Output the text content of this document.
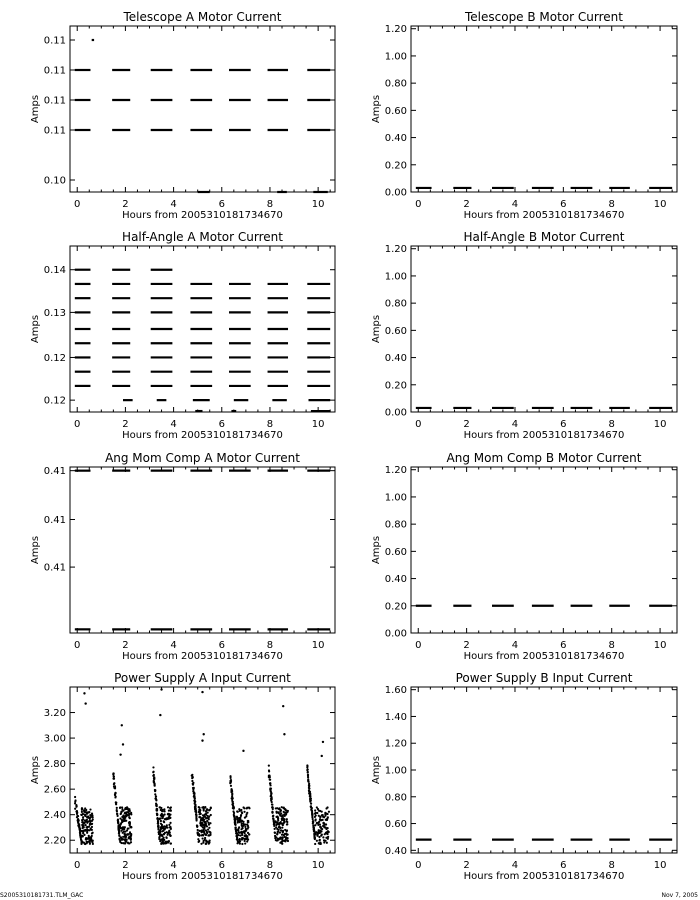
Telescope A Motor Current
0	2	4	6	8	10
0.10
0.11
0.11
0.11
0.11
Hours from 2005310181734670
Amps
Telescope B Motor Current
0	2	4	6	8	10
0.00
0.20
0.40
0.60
0.80
1.00
1.20
Hours from 2005310181734670
Amps
Half-Angle A Motor Current
0	2	4	6	8	10
0.12
0.12
0.13
0.14
Hours from 2005310181734670
Amps
Half-Angle B Motor Current
0	2	4	6	8	10
0.00
0.20
0.40
0.60
0.80
1.00
1.20
Hours from 2005310181734670
Amps
Ang Mom Comp A Motor Current
0	2	4	6	8	10
0.41
0.41
0.41
Hours from 2005310181734670
Amps
Ang Mom Comp B Motor Current
0	2	4	6	8	10
0.00
0.20
0.40
0.60
0.80
1.00
1.20
Hours from 2005310181734670
Amps
Power Supply A Input Current
0	2	4	6	8	10
2.20
2.40
2.60
2.80
3.00
3.20
Hours from 2005310181734670
Amps
Power Supply B Input Current
0	2	4	6	8	10
0.40
0.60
0.80
1.00
1.20
1.40
1.60
Hours from 2005310181734670
Amps
S2005310181731.TLM_GAC	Nov 7, 2005
